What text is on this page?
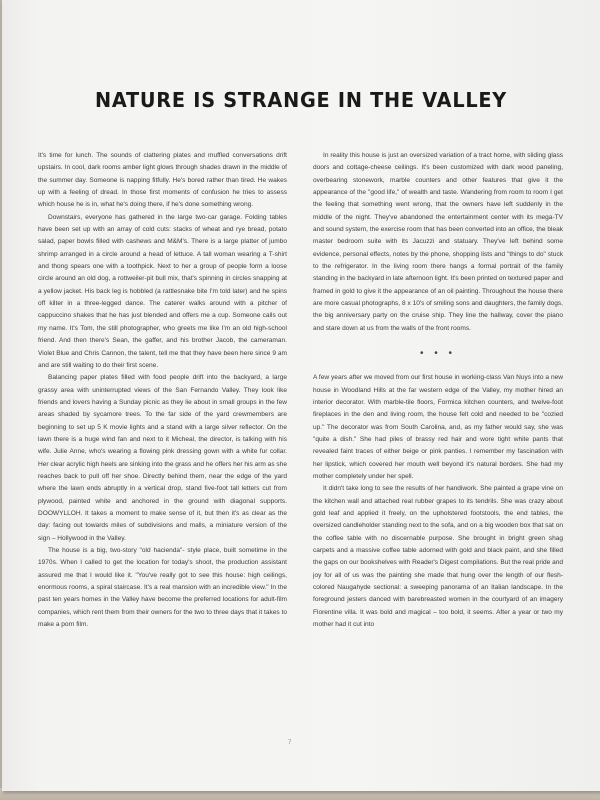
NATURE IS STRANGE IN THE VALLEY

It's time for lunch. The sounds of clattering plates and muffled conversations drift upstairs. In cool, dark rooms amber light glows through shades drawn in the middle of the summer day. Someone is napping fitfully. He's bored rather than tired. He wakes up with a feeling of dread. In those first moments of confusion he tries to assess which house he is in, what he's doing there, if he's done something wrong.

Downstairs, everyone has gathered in the large two-car garage. Folding tables have been set up with an array of cold cuts: stacks of wheat and rye bread, potato salad, paper bowls filled with cashews and M&M's. There is a large platter of jumbo shrimp arranged in a circle around a head of lettuce. A tall woman wearing a T-shirt and thong spears one with a toothpick. Next to her a group of people form a loose circle around an old dog, a rottweiler-pit bull mix, that's spinning in circles snapping at a yellow jacket. His back leg is hobbled (a rattlesnake bite I'm told later) and he spins off kilter in a three-legged dance. The caterer walks around with a pitcher of cappuccino shakes that he has just blended and offers me a cup. Someone calls out my name. It's Tom, the still photographer, who greets me like I'm an old high-school friend. And then there's Sean, the gaffer, and his brother Jacob, the cameraman. Violet Blue and Chris Cannon, the talent, tell me that they have been here since 9 am and are still waiting to do their first scene.

Balancing paper plates filled with food people drift into the backyard, a large grassy area with uninterrupted views of the San Fernando Valley. They look like friends and lovers having a Sunday picnic as they lie about in small groups in the few areas shaded by sycamore trees. To the far side of the yard crewmembers are beginning to set up 5 K movie lights and a stand with a large silver reflector. On the lawn there is a huge wind fan and next to it Micheal, the director, is talking with his wife. Julie Anne, who's wearing a flowing pink dressing gown with a white fur collar. Her clear acrylic high heels are sinking into the grass and he offers her his arm as she reaches back to pull off her shoe. Directly behind them, near the edge of the yard where the lawn ends abruptly in a vertical drop, stand five-foot tall letters cut from plywood, painted white and anchored in the ground with diagonal supports. DOOWYLLOH. It takes a moment to make sense of it, but then it's as clear as the day: facing out towards miles of subdivisions and malls, a miniature version of the sign – Hollywood in the Valley.

The house is a big, two-story "old hacienda"- style place, built sometime in the 1970s. When I called to get the location for today's shoot, the production assistant assured me that I would like it. "You've really got to see this house: high ceilings, enormous rooms, a spiral staircase. It's a real mansion with an incredible view." In the past ten years homes in the Valley have become the preferred locations for adult-film companies, which rent them from their owners for the two to three days that it takes to make a porn film.

In reality this house is just an oversized variation of a tract home, with sliding glass doors and cottage-cheese ceilings. It's been customized with dark wood paneling, overbearing stonework, marble counters and other features that give it the appearance of the "good life," of wealth and taste. Wandering from room to room I get the feeling that something went wrong, that the owners have left suddenly in the middle of the night. They've abandoned the entertainment center with its mega-TV and sound system, the exercise room that has been converted into an office, the bleak master bedroom suite with its Jacuzzi and statuary. They've left behind some evidence, personal effects, notes by the phone, shopping lists and "things to do" stuck to the refrigerator. In the living room there hangs a formal portrait of the family standing in the backyard in late afternoon light. It's been printed on textured paper and framed in gold to give it the appearance of an oil painting. Throughout the house there are more casual photographs, 8 x 10's of smiling sons and daughters, the family dogs, the big anniversary party on the cruise ship. They line the hallway, cover the piano and stare down at us from the walls of the front rooms.

• • •

A few years after we moved from our first house in working-class Van Nuys into a new house in Woodland Hills at the far western edge of the Valley, my mother hired an interior decorator. With marble-tile floors, Formica kitchen counters, and twelve-foot fireplaces in the den and living room, the house felt cold and needed to be "cozied up." The decorator was from South Carolina, and, as my father would say, she was "quite a dish." She had piles of brassy red hair and wore tight white pants that revealed faint traces of either beige or pink panties. I remember my fascination with her lipstick, which covered her mouth well beyond it's natural borders. She had my mother completely under her spell.

It didn't take long to see the results of her handiwork. She painted a grape vine on the kitchen wall and attached real rubber grapes to its tendrils. She was crazy about gold leaf and applied it freely, on the upholstered footstools, the end tables, the oversized candleholder standing next to the sofa, and on a big wooden box that sat on the coffee table with no discernable purpose. She brought in bright green shag carpets and a massive coffee table adorned with gold and black paint, and she filled the gaps on our bookshelves with Reader's Digest compilations. But the real pride and joy for all of us was the painting she made that hung over the length of our flesh-colored Naugahyde sectional: a sweeping panorama of an Italian landscape. In the foreground jesters danced with barebreasted women in the courtyard of an imagery Florentine villa. It was bold and magical – too bold, it seems. After a year or two my mother had it cut into

7
